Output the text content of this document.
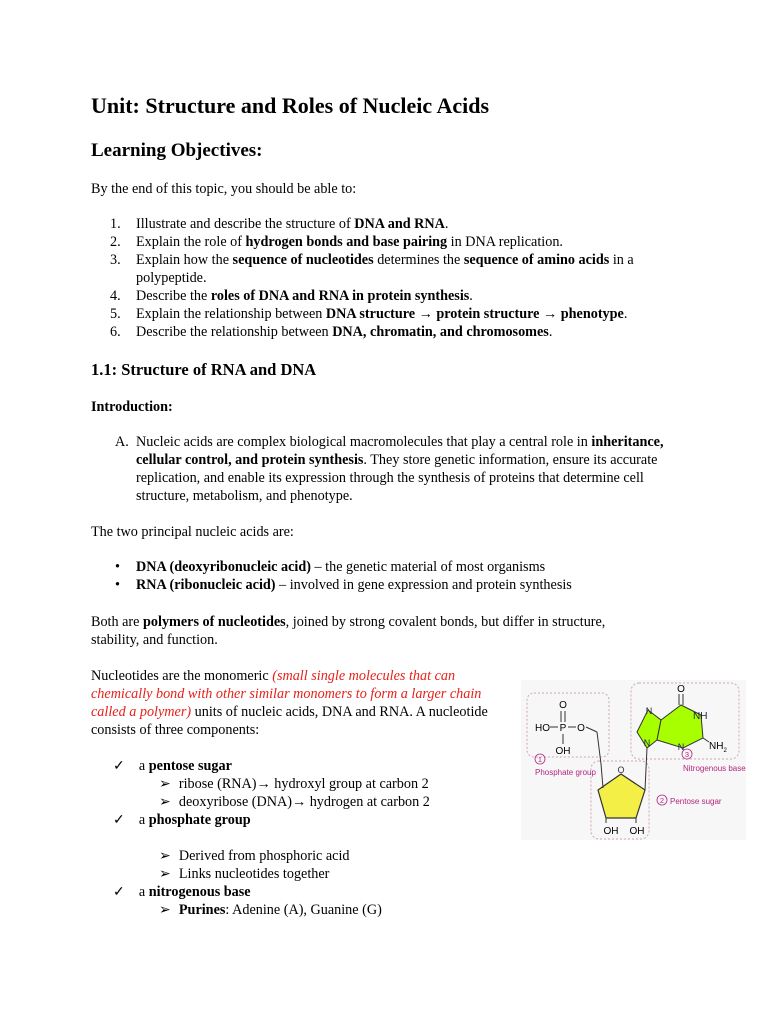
Unit: Structure and Roles of Nucleic Acids
Learning Objectives:

By the end of this topic, you should be able to:

1. Illustrate and describe the structure of DNA and RNA.
2. Explain the role of hydrogen bonds and base pairing in DNA replication.
3. Explain how the sequence of nucleotides determines the sequence of amino acids in a polypeptide.
4. Describe the roles of DNA and RNA in protein synthesis.
5. Explain the relationship between DNA structure → protein structure → phenotype.
6. Describe the relationship between DNA, chromatin, and chromosomes.
1.1: Structure of RNA and DNA

Introduction:

A. Nucleic acids are complex biological macromolecules that play a central role in inheritance, cellular control, and protein synthesis. They store genetic information, ensure its accurate replication, and enable its expression through the synthesis of proteins that determine cell structure, metabolism, and phenotype.

The two principal nucleic acids are:

• DNA (deoxyribonucleic acid) – the genetic material of most organisms
• RNA (ribonucleic acid) – involved in gene expression and protein synthesis

Both are polymers of nucleotides, joined by strong covalent bonds, but differ in structure, stability, and function.

Nucleotides are the monomeric (small single molecules that can chemically bond with other similar monomers to form a larger chain called a polymer) units of nucleic acids, DNA and RNA. A nucleotide consists of three components:

✓ a pentose sugar
➢ ribose (RNA)→ hydroxyl group at carbon 2
➢ deoxyribose (DNA)→ hydrogen at carbon 2
✓ a phosphate group
➢ Derived from phosphoric acid
➢ Links nucleotides together
✓ a nitrogenous base
➢ Purines: Adenine (A), Guanine (G)
O
HO P O
OH
1
Phosphate group O
OH OH
2 Pentose sugar
N
N	N
NH
O
$NH_2$
3
Nitrogenous base
